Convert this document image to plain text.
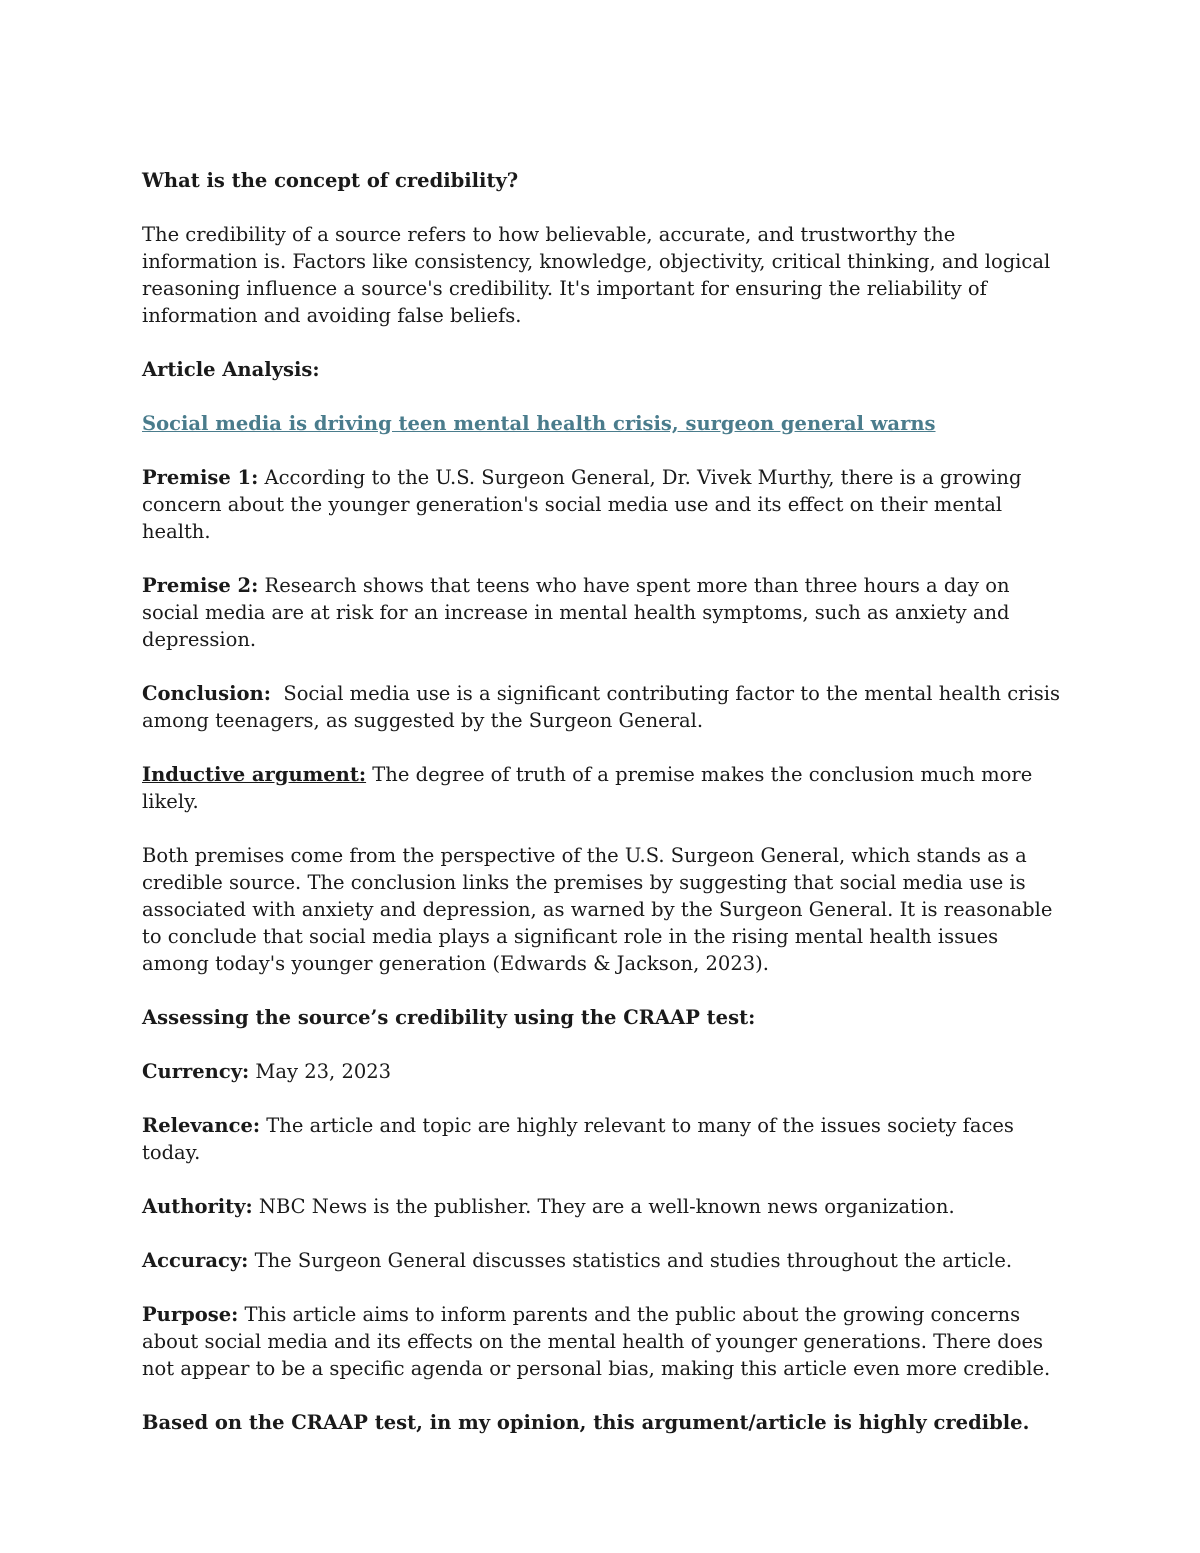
What is the concept of credibility?

The credibility of a source refers to how believable, accurate, and trustworthy the information is. Factors like consistency, knowledge, objectivity, critical thinking, and logical reasoning influence a source's credibility. It's important for ensuring the reliability of information and avoiding false beliefs.

Article Analysis:

Social media is driving teen mental health crisis, surgeon general warns

Premise 1: According to the U.S. Surgeon General, Dr. Vivek Murthy, there is a growing concern about the younger generation's social media use and its effect on their mental health.

Premise 2: Research shows that teens who have spent more than three hours a day on social media are at risk for an increase in mental health symptoms, such as anxiety and depression.

Conclusion:  Social media use is a significant contributing factor to the mental health crisis among teenagers, as suggested by the Surgeon General.

Inductive argument: The degree of truth of a premise makes the conclusion much more likely.

Both premises come from the perspective of the U.S. Surgeon General, which stands as a credible source. The conclusion links the premises by suggesting that social media use is associated with anxiety and depression, as warned by the Surgeon General. It is reasonable to conclude that social media plays a significant role in the rising mental health issues among today's younger generation (Edwards & Jackson, 2023).

Assessing the source’s credibility using the CRAAP test:

Currency: May 23, 2023

Relevance: The article and topic are highly relevant to many of the issues society faces today.

Authority: NBC News is the publisher. They are a well-known news organization.

Accuracy: The Surgeon General discusses statistics and studies throughout the article.

Purpose: This article aims to inform parents and the public about the growing concerns about social media and its effects on the mental health of younger generations. There does not appear to be a specific agenda or personal bias, making this article even more credible.

Based on the CRAAP test, in my opinion, this argument/article is highly credible.
